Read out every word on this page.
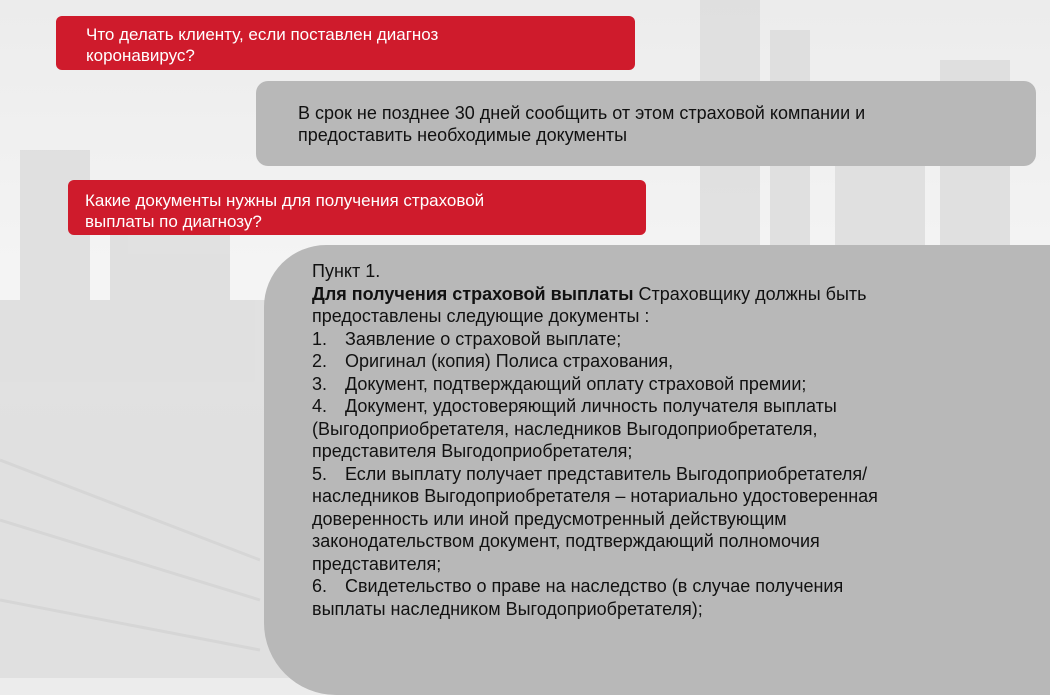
Что делать клиенту, если поставлен диагноз
коронавирус?
В срок не позднее 30 дней сообщить от этом страховой компании и
предоставить необходимые документы
Какие документы нужны для получения страховой
выплаты по диагнозу?
Пункт 1.
Для получения страховой выплаты Страховщику должны быть
предоставлены следующие документы :
1. Заявление о страховой выплате;
2. Оригинал (копия) Полиса страхования,
3. Документ, подтверждающий оплату страховой премии;
4. Документ, удостоверяющий личность получателя выплаты
(Выгодоприобретателя, наследников Выгодоприобретателя,
представителя Выгодоприобретателя;
5. Если выплату получает представитель Выгодоприобретателя/
наследников Выгодоприобретателя – нотариально удостоверенная
доверенность или иной предусмотренный действующим
законодательством документ, подтверждающий полномочия
представителя;
6. Свидетельство о праве на наследство (в случае получения
выплаты наследником Выгодоприобретателя);
